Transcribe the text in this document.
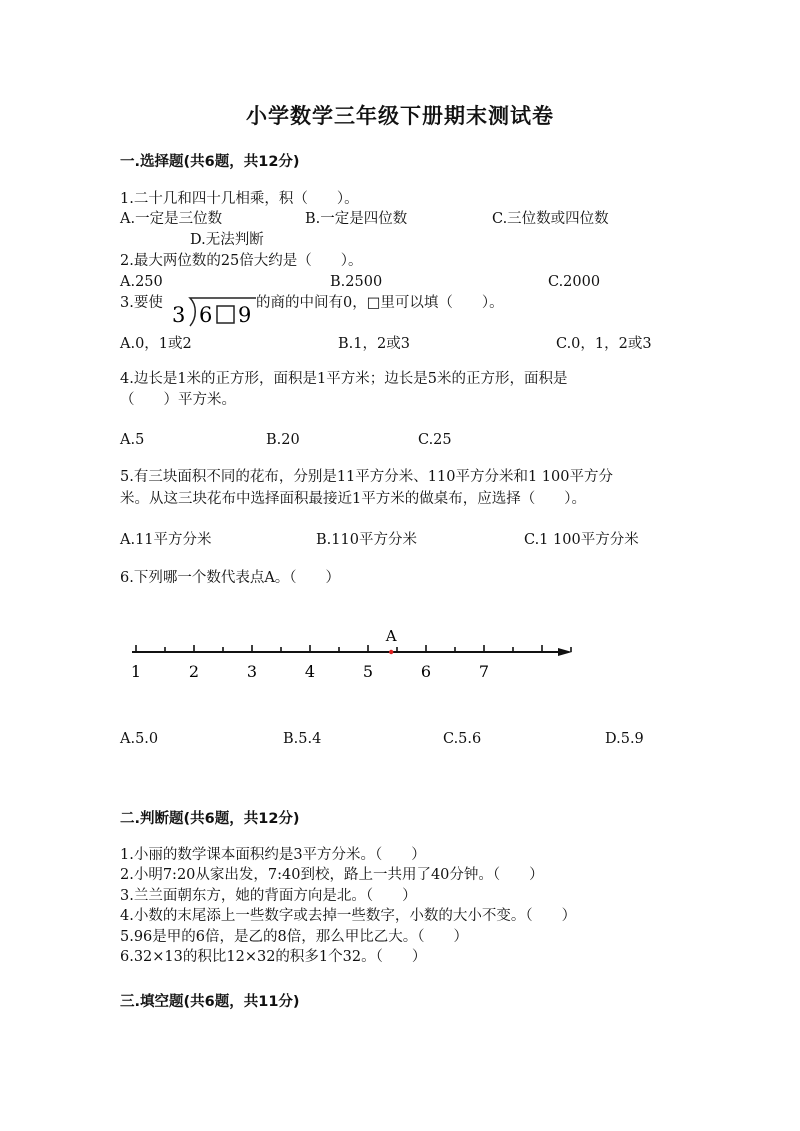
小学数学三年级下册期末测试卷
一.选择题(共6题，共12分)
1.二十几和四十几相乘，积（　　）。
A.一定是三位数	B.一定是四位数	C.三位数或四位数
D.无法判断
2.最大两位数的25倍大约是（　　）。
A.250	B.2500	C.2000
3.要使 3 6 9 的商的中间有0，□里可以填（　　）。
A.0，1或2	B.1，2或3	C.0，1，2或3
4.边长是1米的正方形，面积是1平方米；边长是5米的正方形，面积是
（　　）平方米。
A.5	B.20	C.25
5.有三块面积不同的花布，分别是11平方分米、110平方分米和1 100平方分
米。从这三块花布中选择面积最接近1平方米的做桌布，应选择（　　）。
A.11平方分米	B.110平方分米	C.1 100平方分米
6.下列哪一个数代表点A。（　　）
1	2	3	4	5	6	7
A
A.5.0	B.5.4	C.5.6	D.5.9
二.判断题(共6题，共12分)
1.小丽的数学课本面积约是3平方分米。（　　）
2.小明7:20从家出发，7:40到校，路上一共用了40分钟。（　　）
3.兰兰面朝东方，她的背面方向是北。（　　）
4.小数的末尾添上一些数字或去掉一些数字，小数的大小不变。（　　）
5.96是甲的6倍，是乙的8倍，那么甲比乙大。（　　）
6.32×13的积比12×32的积多1个32。（　　）
三.填空题(共6题，共11分)
